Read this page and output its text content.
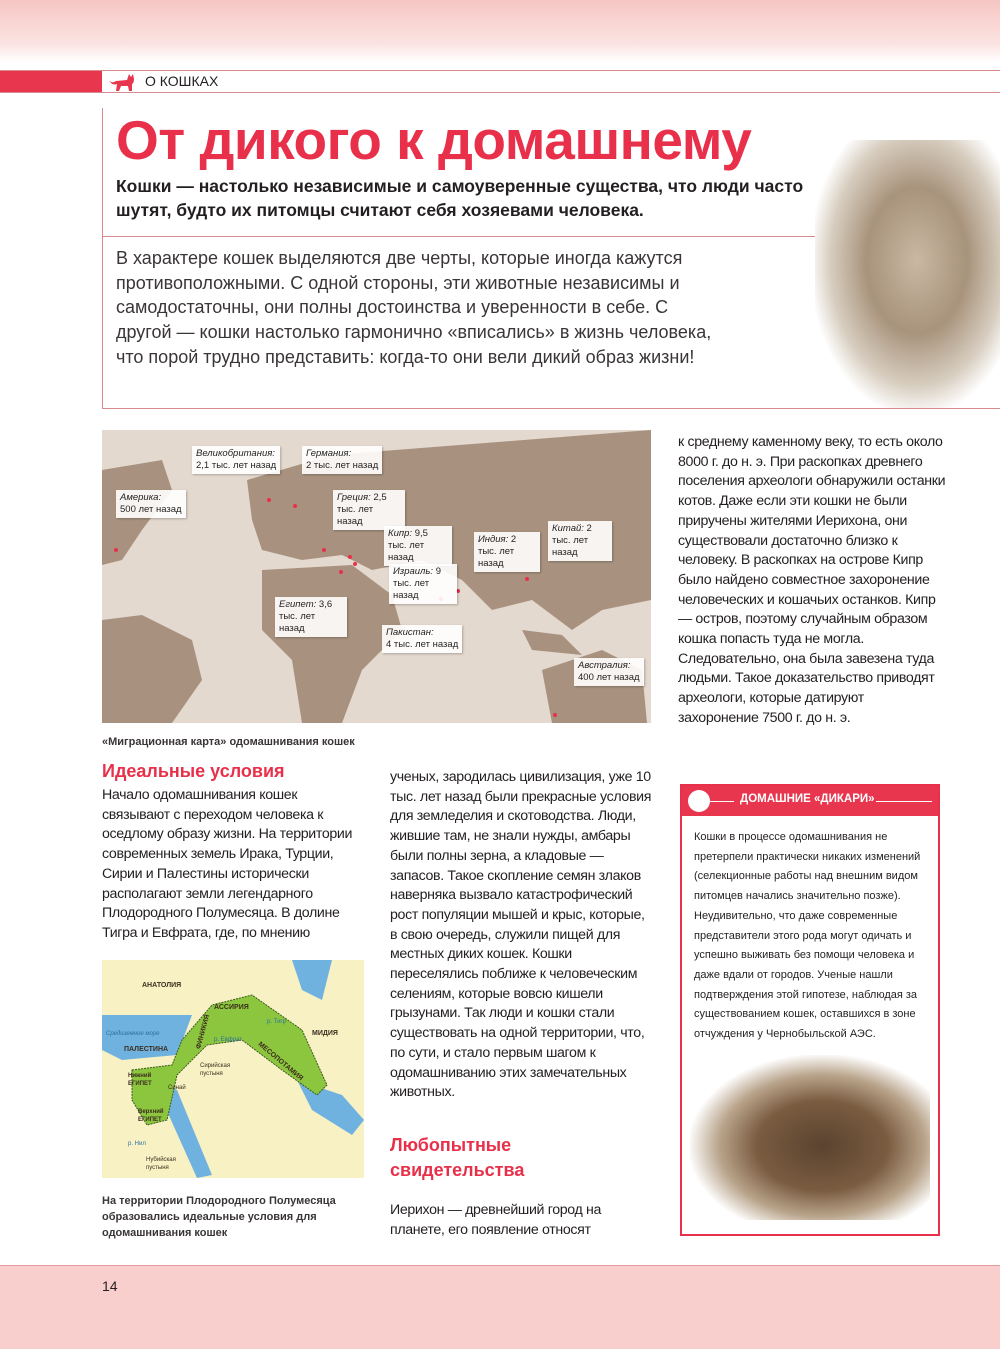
О КОШКАХ
От дикого к домашнему

Кошки — настолько независимые и самоуверенные существа, что люди часто шутят, будто их питомцы считают себя хозяевами человека.

В характере кошек выделяются две черты, которые иногда кажутся противоположными. С одной стороны, эти животные независимы и самодостаточны, они полны достоинства и уверенности в себе. С другой — кошки настолько гармонично «вписались» в жизнь человека, что порой трудно представить: когда-то они вели дикий образ жизни!

Великобритания:
2,1 тыс. лет назад
Германия:
2 тыс. лет назад
Америка:
500 лет назад
Греция: 2,5 тыс. лет назад
Кипр: 9,5 тыс. лет назад
Израиль: 9 тыс. лет назад
Индия: 2 тыс. лет назад
Китай: 2 тыс. лет назад
Египет: 3,6 тыс. лет назад	Пакистан:
4 тыс. лет назад
Австралия:
400 лет назад

«Миграционная карта» одомашнивания кошек

Идеальные условия

Начало одомашнивания кошек связывают с переходом человека к оседлому образу жизни. На территории современных земель Ирака, Турции, Сирии и Палестины исторически располагают земли легендарного Плодородного Полумесяца. В долине Тигра и Евфрата, где, по мнению

АНАТОЛИЯ
АССИРИЯ
ФИНИКИЯ
МЕСОПОТАМИЯ
МИДИЯ
ПАЛЕСТИНА
Средиземное море
Сирийская пустыня
Нижний ЕГИПЕТ
Синай
Верхний ЕГИПЕТ
р. Тигр
р. Евфрат
р. Нил
Нубийская пустыня

На территории Плодородного Полумесяца образовались идеальные условия для одомашнивания кошек

ученых, зародилась цивилизация, уже 10 тыс. лет назад были прекрасные условия для земледелия и скотоводства. Люди, жившие там, не знали нужды, амбары были полны зерна, а кладовые — запасов. Такое скопление семян злаков наверняка вызвало катастрофический рост популяции мышей и крыс, которые, в свою очередь, служили пищей для местных диких кошек. Кошки переселялись поближе к человеческим селениям, которые вовсю кишели грызунами. Так люди и кошки стали существовать на одной территории, что, по сути, и стало первым шагом к одомашниванию этих замечательных животных.

Любопытные свидетельства

Иерихон — древнейший город на планете, его появление относят

к среднему каменному веку, то есть около 8000 г. до н. э. При раскопках древнего поселения археологи обнаружили останки котов. Даже если эти кошки не были приручены жителями Иерихона, они существовали достаточно близко к человеку. В раскопках на острове Кипр было найдено совместное захоронение человеческих и кошачьих останков. Кипр — остров, поэтому случайным образом кошка попасть туда не могла. Следовательно, она была завезена туда людьми. Такое доказательство приводят археологи, которые датируют захоронение 7500 г. до н. э.

ДОМАШНИЕ «ДИКАРИ»

Кошки в процессе одомашнивания не претерпели практически никаких изменений (селекционные работы над внешним видом питомцев начались значительно позже). Неудивительно, что даже современные представители этого рода могут одичать и успешно выживать без помощи человека и даже вдали от городов. Ученые нашли подтверждения этой гипотезе, наблюдая за существованием кошек, оставшихся в зоне отчуждения у Чернобыльской АЭС.

14
